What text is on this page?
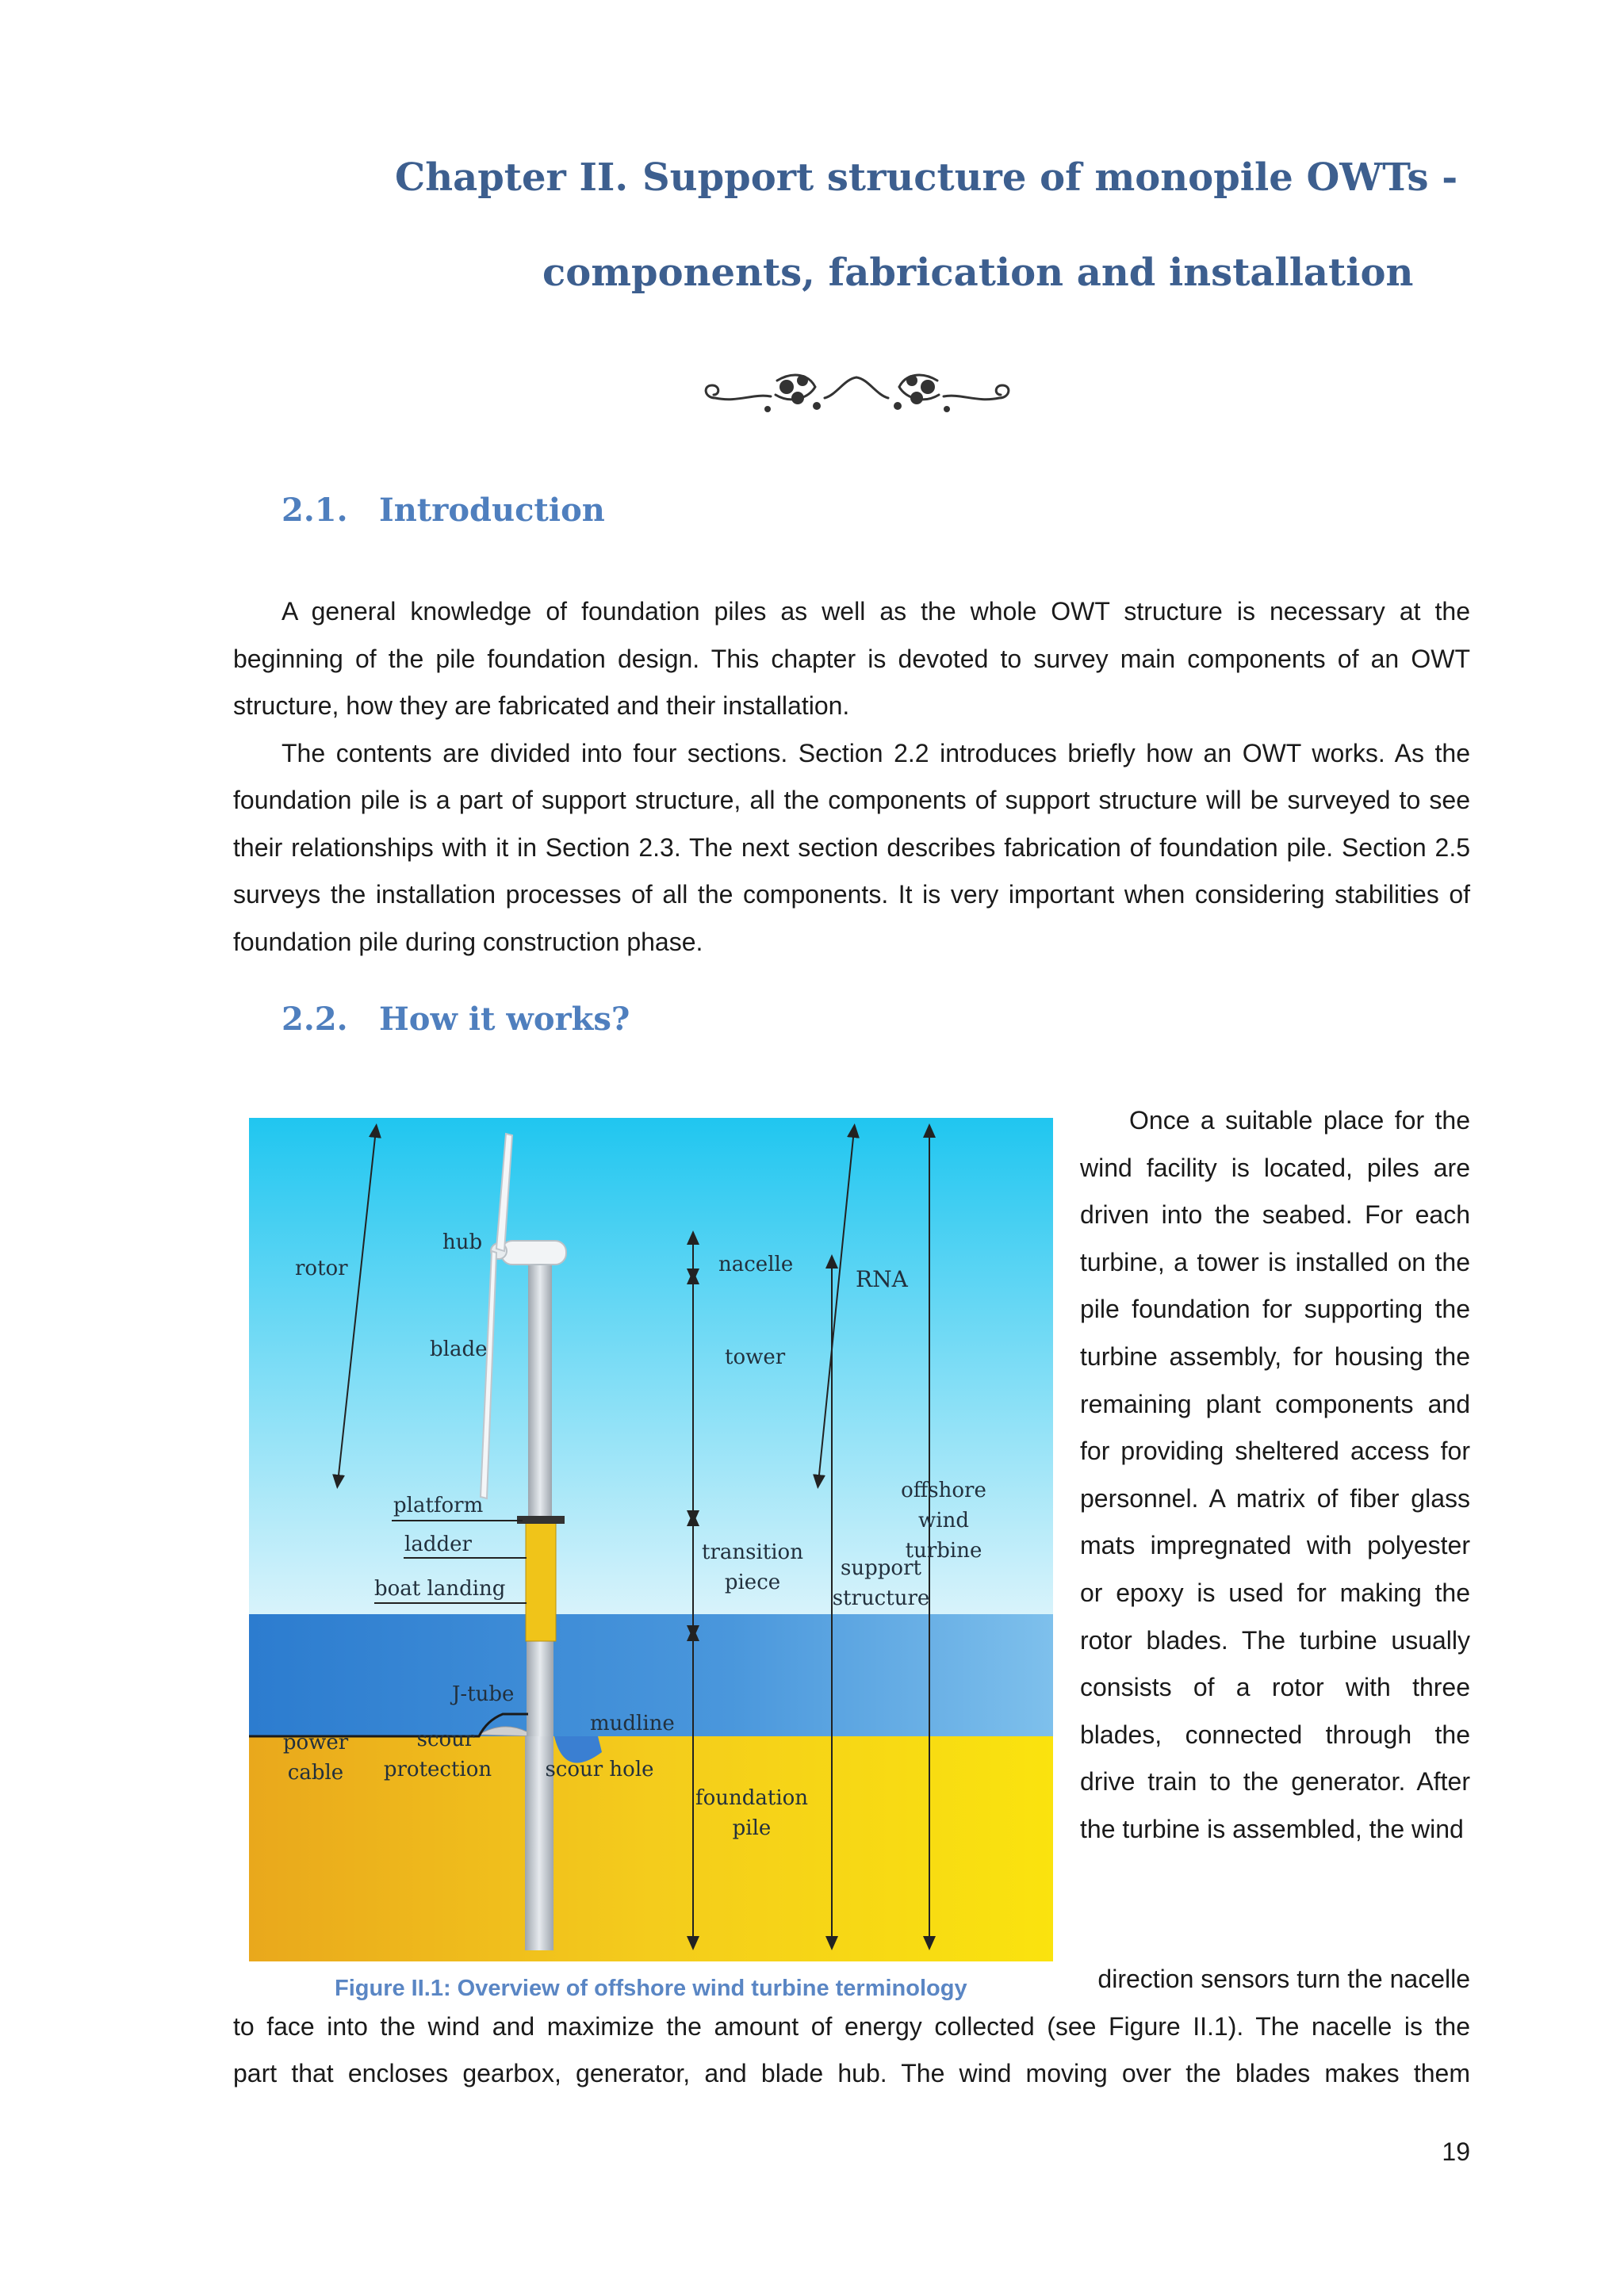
Chapter II. Support structure of monopile OWTs -
components, fabrication and installation
2.1. Introduction

A general knowledge of foundation piles as well as the whole OWT structure is necessary at the beginning of the pile foundation design. This chapter is devoted to survey main components of an OWT structure, how they are fabricated and their installation.

The contents are divided into four sections. Section 2.2 introduces briefly how an OWT works. As the foundation pile is a part of support structure, all the components of support structure will be surveyed to see their relationships with it in Section 2.3. The next section describes fabrication of foundation pile. Section 2.5 surveys the installation processes of all the components. It is very important when considering stabilities of foundation pile during construction phase.

2.2. How it works?
rotor
hub
blade
nacelle
tower
RNA
offshore
wind
turbine
platform
ladder
boat landing
transition
piece
support
structure
J-tube
mudline
power
cable
scour
protection	scour hole
foundation
pile

Once a suitable place for the wind facility is located, piles are driven into the seabed. For each turbine, a tower is installed on the pile foundation for supporting the turbine assembly, for housing the remaining plant components and for providing sheltered access for personnel. A matrix of fiber glass mats impregnated with polyester or epoxy is used for making the rotor blades. The turbine usually consists of a rotor with three blades, connected through the drive train to the generator. After the turbine is assembled, the wind

Figure II.1: Overview of offshore wind turbine terminology	direction sensors turn the nacelle
to face into the wind and maximize the amount of energy collected (see Figure II.1). The nacelle is the
part that encloses gearbox, generator, and blade hub. The wind moving over the blades makes them
19
